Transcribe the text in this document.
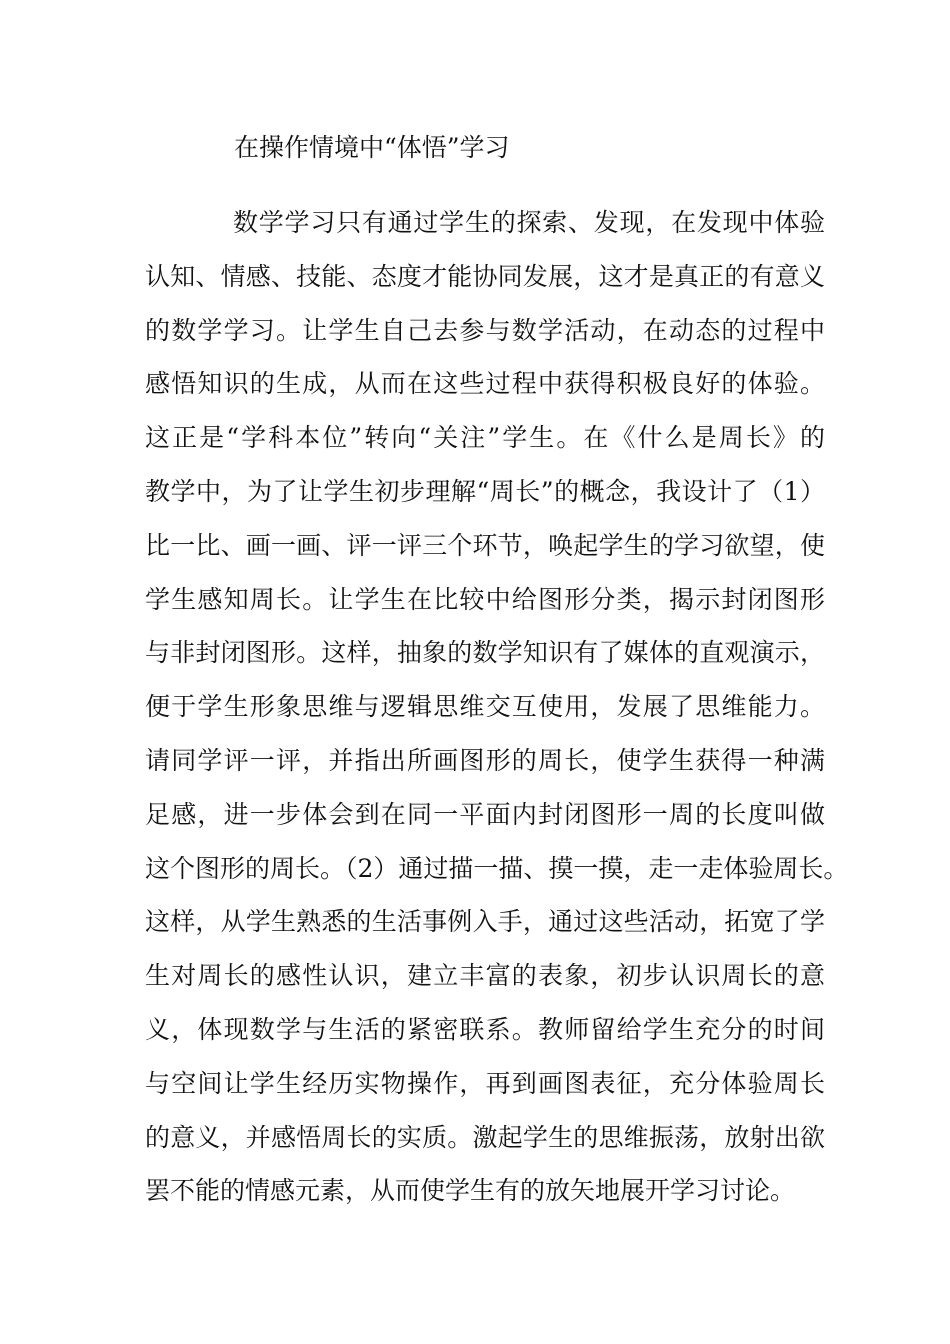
在操作情境中“体悟”学习
数学学习只有通过学生的探索、发现，在发现中体验
认知、情感、技能、态度才能协同发展，这才是真正的有意义
的数学学习。让学生自己去参与数学活动，在动态的过程中
感悟知识的生成，从而在这些过程中获得积极良好的体验。
这正是“学科本位”转向“关注”学生。在《什么是周长》的
教学中，为了让学生初步理解“周长”的概念，我设计了（1）
比一比、画一画、评一评三个环节，唤起学生的学习欲望，使
学生感知周长。让学生在比较中给图形分类，揭示封闭图形
与非封闭图形。这样，抽象的数学知识有了媒体的直观演示，
便于学生形象思维与逻辑思维交互使用，发展了思维能力。
请同学评一评，并指出所画图形的周长，使学生获得一种满
足感，进一步体会到在同一平面内封闭图形一周的长度叫做
这个图形的周长。（2）通过描一描、摸一摸，走一走体验周长。
这样，从学生熟悉的生活事例入手，通过这些活动，拓宽了学
生对周长的感性认识，建立丰富的表象，初步认识周长的意
义，体现数学与生活的紧密联系。教师留给学生充分的时间
与空间让学生经历实物操作，再到画图表征，充分体验周长
的意义，并感悟周长的实质。激起学生的思维振荡，放射出欲
罢不能的情感元素，从而使学生有的放矢地展开学习讨论。
